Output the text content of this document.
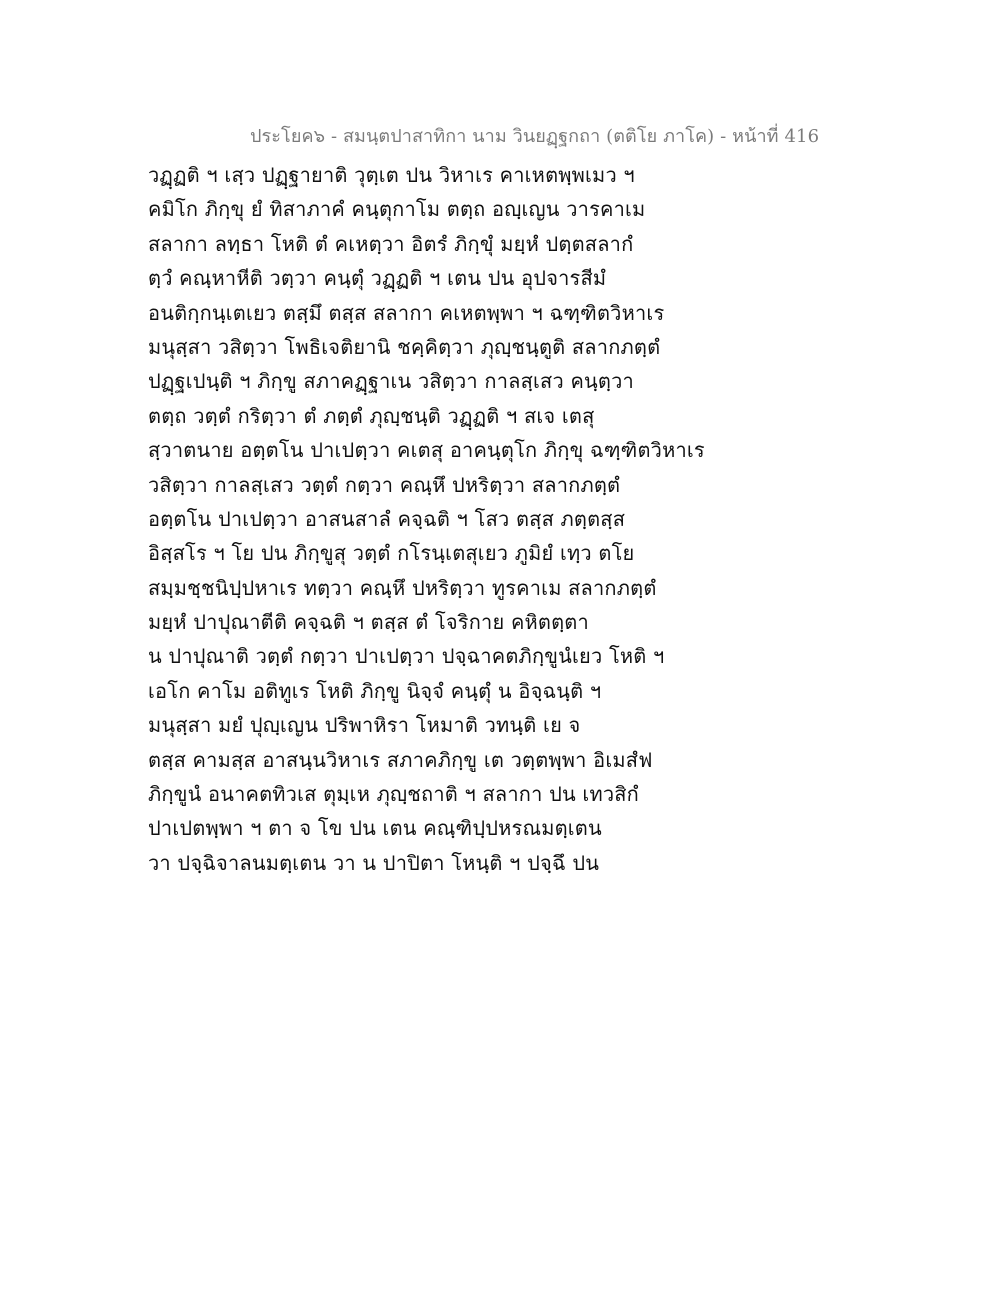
ประโยค๖ - สมนฺตปาสาทิกา นาม วินยฏฺฐกถา (ตติโย ภาโค) - หน้าที่ 416
วฏฺฏติ ฯ เสฺว ปฏฺฐายาติ วุตฺเต ปน วิหาเร คาเหตพฺพเมว ฯ
คมิโก ภิกฺขุ ยํ ทิสาภาคํ คนฺตุกาโม ตตฺถ อญฺเญน วารคาเม
สลากา ลทฺธา โหติ ตํ คเหตฺวา อิตรํ ภิกฺขุํ มยฺหํ ปตฺตสลากํ
ตฺวํ คณฺหาหีติ วตฺวา คนฺตุํ วฏฺฏติ ฯ เตน ปน อุปจารสีมํ
อนติกฺกนฺเตเยว ตสฺมึ ตสฺส สลากา คเหตพฺพา ฯ ฉฑฺฑิตวิหาเร
มนุสฺสา วสิตฺวา โพธิเจติยานิ ชคฺคิตฺวา ภุญฺชนฺตูติ สลากภตฺตํ
ปฏฺฐเปนฺติ ฯ ภิกฺขู สภาคฏฺฐาเน วสิตฺวา กาลสฺเสว คนฺตฺวา
ตตฺถ วตฺตํ กริตฺวา ตํ ภตฺตํ ภุญฺชนฺติ วฏฺฏติ ฯ สเจ เตสุ
สฺวาตนาย อตฺตโน ปาเปตฺวา คเตสุ อาคนฺตุโก ภิกฺขุ ฉฑฺฑิตวิหาเร
วสิตฺวา กาลสฺเสว วตฺตํ กตฺวา คณฺหึ ปหริตฺวา สลากภตฺตํ
อตฺตโน ปาเปตฺวา อาสนสาลํ คจฺฉติ ฯ โสว ตสฺส ภตฺตสฺส
อิสฺสโร ฯ โย ปน ภิกฺขูสุ วตฺตํ กโรนฺเตสุเยว ภูมิยํ เทฺว ตโย
สมฺมชฺชนิปฺปหาเร ทตฺวา คณฺหึ ปหริตฺวา ทูรคาเม สลากภตฺตํ
มยฺหํ ปาปุณาตีติ คจฺฉติ ฯ ตสฺส ตํ โจริกาย คหิตตฺตา
น ปาปุณาติ วตฺตํ กตฺวา ปาเปตฺวา ปจฺฉาคตภิกฺขูนํเยว โหติ ฯ
เอโก คาโม อติทูเร โหติ ภิกฺขู นิจฺจํ คนฺตุํ น อิจฺฉนฺติ ฯ
มนุสฺสา มยํ ปุญฺเญน ปริพาหิรา โหมาติ วทนฺติ เย จ
ตสฺส คามสฺส อาสนฺนวิหาเร สภาคภิกฺขู เต วตฺตพฺพา อิเมสํฟ
ภิกฺขูนํ อนาคตทิวเส ตุมฺเห ภุญฺชถาติ ฯ สลากา ปน เทวสิกํ
ปาเปตพฺพา ฯ ตา จ โข ปน เตน คณฺฑิปฺปหรณมตฺเตน
วา ปจฺฉิจาลนมตฺเตน วา น ปาปิตา โหนฺติ ฯ ปจฺฉึ ปน
